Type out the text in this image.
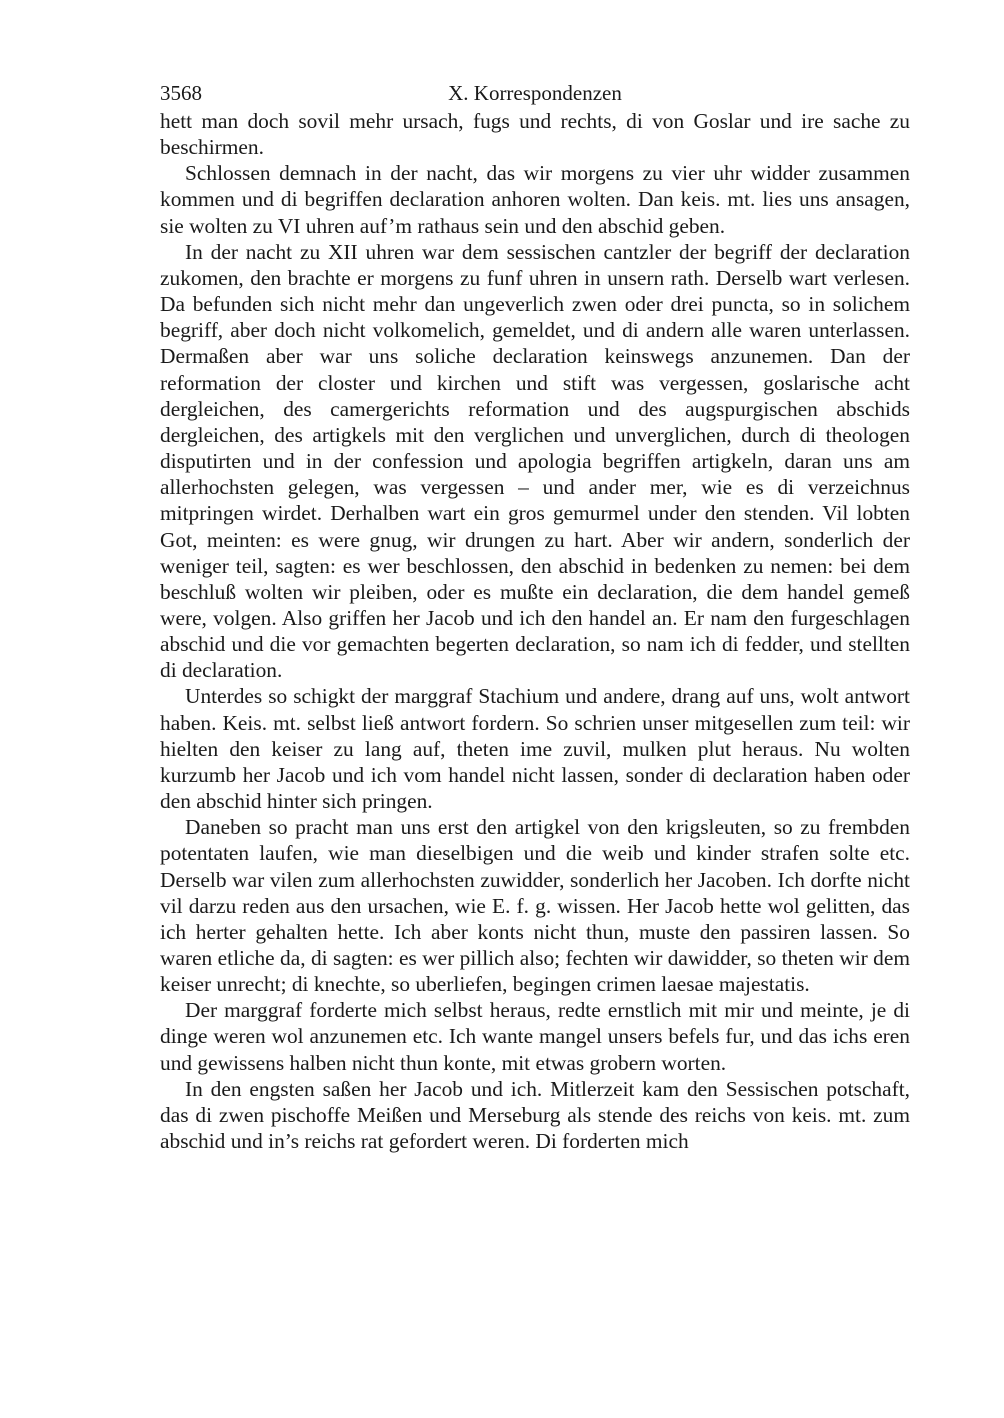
3568	X. Korrespondenzen

hett man doch sovil mehr ursach, fugs und rechts, di von Goslar und ire sache zu beschirmen.

Schlossen demnach in der nacht, das wir morgens zu vier uhr widder zusammen kommen und di begriffen declaration anhoren wolten. Dan keis. mt. lies uns ansagen, sie wolten zu VI uhren auf’m rathaus sein und den abschid geben.

In der nacht zu XII uhren war dem sessischen cantzler der begriff der declaration zukomen, den brachte er morgens zu funf uhren in unsern rath. Derselb wart verlesen. Da befunden sich nicht mehr dan ungeverlich zwen oder drei puncta, so in solichem begriff, aber doch nicht volkomelich, gemeldet, und di andern alle waren unterlassen. Dermaßen aber war uns soliche declaration keinswegs anzunemen. Dan der reformation der closter und kirchen und stift was vergessen, goslarische acht dergleichen, des camergerichts reformation und des augspurgischen abschids dergleichen, des artigkels mit den verglichen und unverglichen, durch di theologen disputirten und in der confession und apologia begriffen artigkeln, daran uns am allerhochsten gelegen, was vergessen – und ander mer, wie es di verzeichnus mitpringen wirdet. Derhalben wart ein gros gemurmel under den stenden. Vil lobten Got, meinten: es were gnug, wir drungen zu hart. Aber wir andern, sonderlich der weniger teil, sagten: es wer beschlossen, den abschid in bedenken zu nemen: bei dem beschluß wolten wir pleiben, oder es mußte ein declaration, die dem handel gemeß were, volgen. Also griffen her Jacob und ich den handel an. Er nam den furgeschlagen abschid und die vor gemachten begerten declaration, so nam ich di fedder, und stellten di declaration.

Unterdes so schigkt der marggraf Stachium und andere, drang auf uns, wolt antwort haben. Keis. mt. selbst ließ antwort fordern. So schrien unser mitgesellen zum teil: wir hielten den keiser zu lang auf, theten ime zuvil, mulken plut heraus. Nu wolten kurzumb her Jacob und ich vom handel nicht lassen, sonder di declaration haben oder den abschid hinter sich pringen.

Daneben so pracht man uns erst den artigkel von den krigsleuten, so zu frembden potentaten laufen, wie man dieselbigen und die weib und kinder strafen solte etc. Derselb war vilen zum allerhochsten zuwidder, sonderlich her Jacoben. Ich dorfte nicht vil darzu reden aus den ursachen, wie E. f. g. wissen. Her Jacob hette wol gelitten, das ich herter gehalten hette. Ich aber konts nicht thun, muste den passiren lassen. So waren etliche da, di sagten: es wer pillich also; fechten wir dawidder, so theten wir dem keiser unrecht; di knechte, so uberliefen, begingen crimen laesae majestatis.

Der marggraf forderte mich selbst heraus, redte ernstlich mit mir und meinte, je di dinge weren wol anzunemen etc. Ich wante mangel unsers befels fur, und das ichs eren und gewissens halben nicht thun konte, mit etwas grobern worten.

In den engsten saßen her Jacob und ich. Mitlerzeit kam den Sessischen potschaft, das di zwen pischoffe Meißen und Merseburg als stende des reichs von keis. mt. zum abschid und in’s reichs rat gefordert weren. Di forderten mich
